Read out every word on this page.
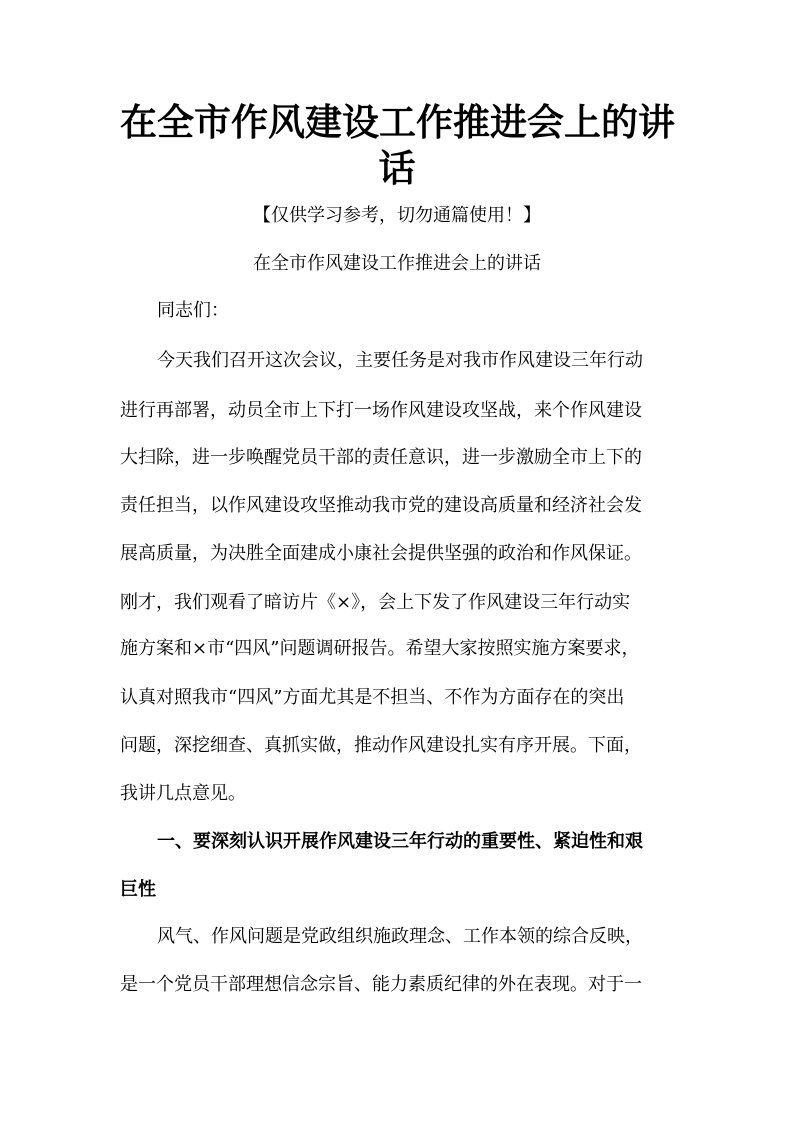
在全市作风建设工作推进会上的讲
话

【仅供学习参考，切勿通篇使用！】

在全市作风建设工作推进会上的讲话

同志们：

今天我们召开这次会议，主要任务是对我市作风建设三年行动

进行再部署，动员全市上下打一场作风建设攻坚战，来个作风建设

大扫除，进一步唤醒党员干部的责任意识，进一步激励全市上下的

责任担当，以作风建设攻坚推动我市党的建设高质量和经济社会发

展高质量，为决胜全面建成小康社会提供坚强的政治和作风保证。

刚才，我们观看了暗访片《×》，会上下发了作风建设三年行动实

施方案和×市“四风”问题调研报告。希望大家按照实施方案要求，

认真对照我市“四风”方面尤其是不担当、不作为方面存在的突出

问题，深挖细查、真抓实做，推动作风建设扎实有序开展。下面，

我讲几点意见。

一、要深刻认识开展作风建设三年行动的重要性、紧迫性和艰

巨性

风气、作风问题是党政组织施政理念、工作本领的综合反映，

是一个党员干部理想信念宗旨、能力素质纪律的外在表现。对于一
